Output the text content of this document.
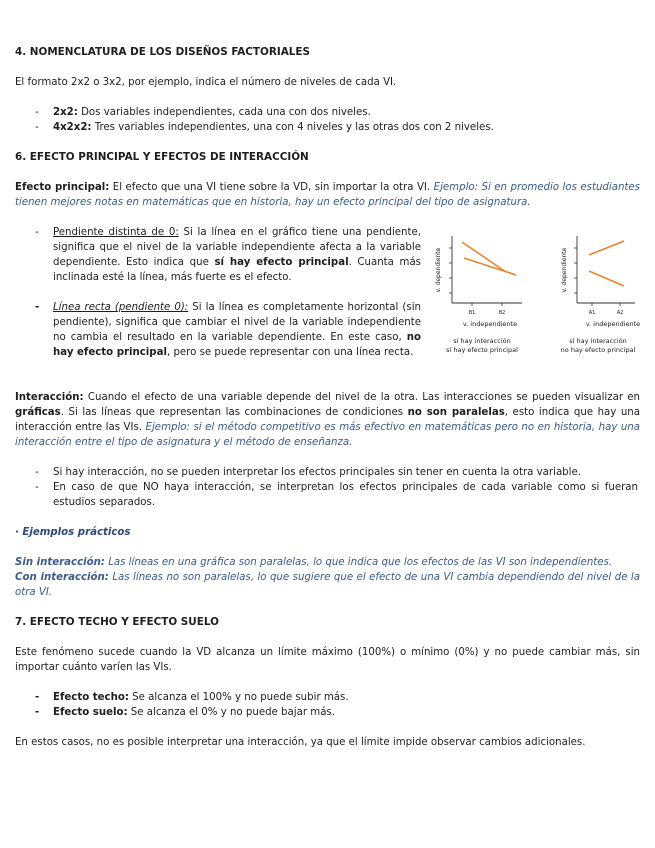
4. NOMENCLATURA DE LOS DISEÑOS FACTORIALES

El formato 2x2 o 3x2, por ejemplo, indica el número de niveles de cada VI.

- 2x2: Dos variables independientes, cada una con dos niveles.
- 4x2x2: Tres variables independientes, una con 4 niveles y las otras dos con 2 niveles.

6. EFECTO PRINCIPAL Y EFECTOS DE INTERACCIÓN

Efecto principal: El efecto que una VI tiene sobre la VD, sin importar la otra VI. Ejemplo: Si en promedio los estudiantes tienen mejores notas en matemáticas que en historia, hay un efecto principal del tipo de asignatura.

- Pendiente distinta de 0: Si la línea en el gráfico tiene una pendiente, significa que el nivel de la variable independiente afecta a la variable dependiente. Esto indica que sí hay efecto principal. Cuanta más inclinada esté la línea, más fuerte es el efecto.
- Línea recta (pendiente 0): Si la línea es completamente horizontal (sin pendiente), significa que cambiar el nivel de la variable independiente no cambia el resultado en la variable dependiente. En este caso, no hay efecto principal, pero se puede representar con una línea recta.
v. dependiente
B1	B2
v. independiente
sí hay interacción
sí hay efecto principal
v. dependiente
A1	A2
v. independiente
sí hay interacción
no hay efecto principal

Interacción: Cuando el efecto de una variable depende del nivel de la otra. Las interacciones se pueden visualizar en gráficas. Si las líneas que representan las combinaciones de condiciones no son paralelas, esto indica que hay una interacción entre las VIs. Ejemplo: si el método competitivo es más efectivo en matemáticas pero no en historia, hay una interacción entre el tipo de asignatura y el método de enseñanza.

- Si hay interacción, no se pueden interpretar los efectos principales sin tener en cuenta la otra variable.
- En caso de que NO haya interacción, se interpretan los efectos principales de cada variable como si fueran estudios separados.

· Ejemplos prácticos

Sin interacción: Las líneas en una gráfica son paralelas, lo que indica que los efectos de las VI son independientes.

Con interacción: Las líneas no son paralelas, lo que sugiere que el efecto de una VI cambia dependiendo del nivel de la otra VI.

7. EFECTO TECHO Y EFECTO SUELO

Este fenómeno sucede cuando la VD alcanza un límite máximo (100%) o mínimo (0%) y no puede cambiar más, sin importar cuánto varíen las VIs.

- Efecto techo: Se alcanza el 100% y no puede subir más.
- Efecto suelo: Se alcanza el 0% y no puede bajar más.

En estos casos, no es posible interpretar una interacción, ya que el límite impide observar cambios adicionales.
